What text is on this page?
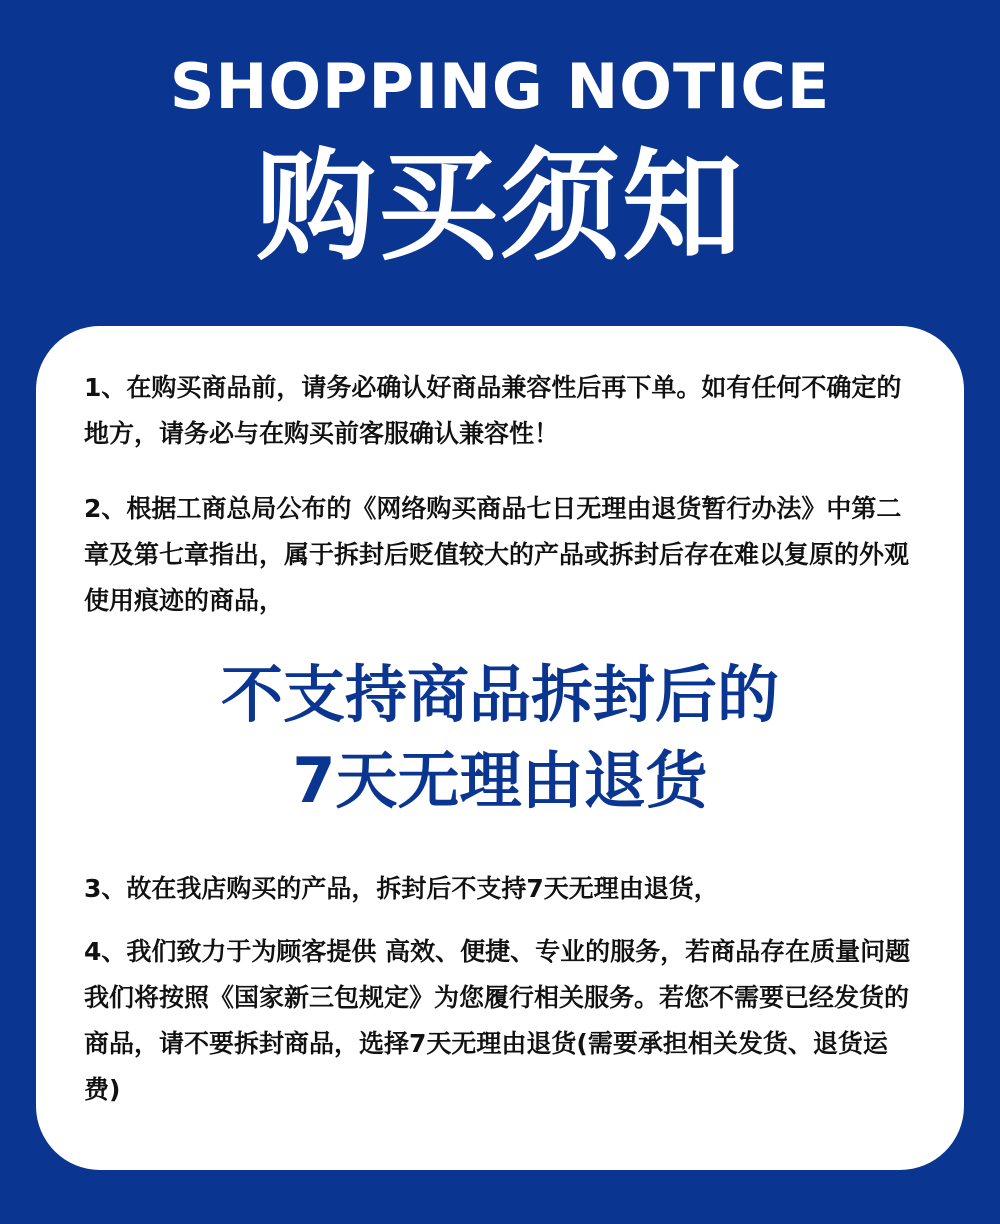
SHOPPING NOTICE
购买须知

1、在购买商品前，请务必确认好商品兼容性后再下单。如有任何不确定的地方，请务必与在购买前客服确认兼容性！

2、根据工商总局公布的《网络购买商品七日无理由退货暂行办法》中第二章及第七章指出，属于拆封后贬值较大的产品或拆封后存在难以复原的外观使用痕迹的商品，

不支持商品拆封后的
7天无理由退货

3、故在我店购买的产品，拆封后不支持7天无理由退货，

4、我们致力于为顾客提供 高效、便捷、专业的服务，若商品存在质量问题我们将按照《国家新三包规定》为您履行相关服务。若您不需要已经发货的商品，请不要拆封商品，选择7天无理由退货(需要承担相关发货、退货运费)
